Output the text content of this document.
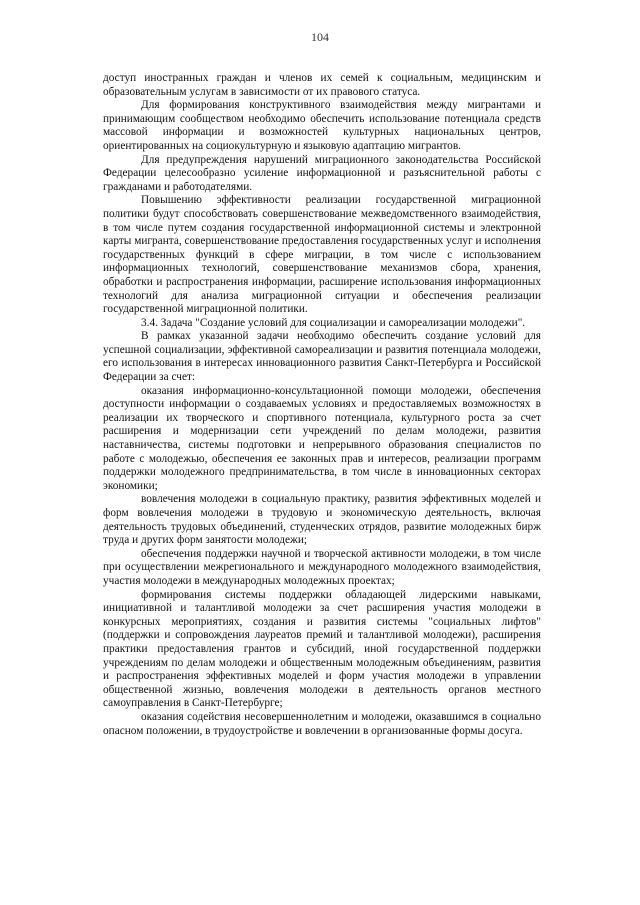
104

доступ иностранных граждан и членов их семей к социальным, медицинским и образовательным услугам в зависимости от их правового статуса.

Для формирования конструктивного взаимодействия между мигрантами и принимающим сообществом необходимо обеспечить использование потенциала средств массовой информации и возможностей культурных национальных центров, ориентированных на социокультурную и языковую адаптацию мигрантов.

Для предупреждения нарушений миграционного законодательства Российской Федерации целесообразно усиление информационной и разъяснительной работы с гражданами и работодателями.

Повышению эффективности реализации государственной миграционной политики будут способствовать совершенствование межведомственного взаимодействия, в том числе путем создания государственной информационной системы и электронной карты мигранта, совершенствование предоставления государственных услуг и исполнения государственных функций в сфере миграции, в том числе с использованием информационных технологий, совершенствование механизмов сбора, хранения, обработки и распространения информации, расширение использования информационных технологий для анализа миграционной ситуации и обеспечения реализации государственной миграционной политики.

3.4. Задача "Создание условий для социализации и самореализации молодежи".

В рамках указанной задачи необходимо обеспечить создание условий для успешной социализации, эффективной самореализации и развития потенциала молодежи, его использования в интересах инновационного развития Санкт-Петербурга и Российской Федерации за счет:

оказания информационно-консультационной помощи молодежи, обеспечения доступности информации о создаваемых условиях и предоставляемых возможностях в реализации их творческого и спортивного потенциала, культурного роста за счет расширения и модернизации сети учреждений по делам молодежи, развития наставничества, системы подготовки и непрерывного образования специалистов по работе с молодежью, обеспечения ее законных прав и интересов, реализации программ поддержки молодежного предпринимательства, в том числе в инновационных секторах экономики;

вовлечения молодежи в социальную практику, развития эффективных моделей и форм вовлечения молодежи в трудовую и экономическую деятельность, включая деятельность трудовых объединений, студенческих отрядов, развитие молодежных бирж труда и других форм занятости молодежи;

обеспечения поддержки научной и творческой активности молодежи, в том числе при осуществлении межрегионального и международного молодежного взаимодействия, участия молодежи в международных молодежных проектах;

формирования системы поддержки обладающей лидерскими навыками, инициативной и талантливой молодежи за счет расширения участия молодежи в конкурсных мероприятиях, создания и развития системы "социальных лифтов" (поддержки и сопровождения лауреатов премий и талантливой молодежи), расширения практики предоставления грантов и субсидий, иной государственной поддержки учреждениям по делам молодежи и общественным молодежным объединениям, развития и распространения эффективных моделей и форм участия молодежи в управлении общественной жизнью, вовлечения молодежи в деятельность органов местного самоуправления в Санкт-Петербурге;

оказания содействия несовершеннолетним и молодежи, оказавшимся в социально опасном положении, в трудоустройстве и вовлечении в организованные формы досуга.
